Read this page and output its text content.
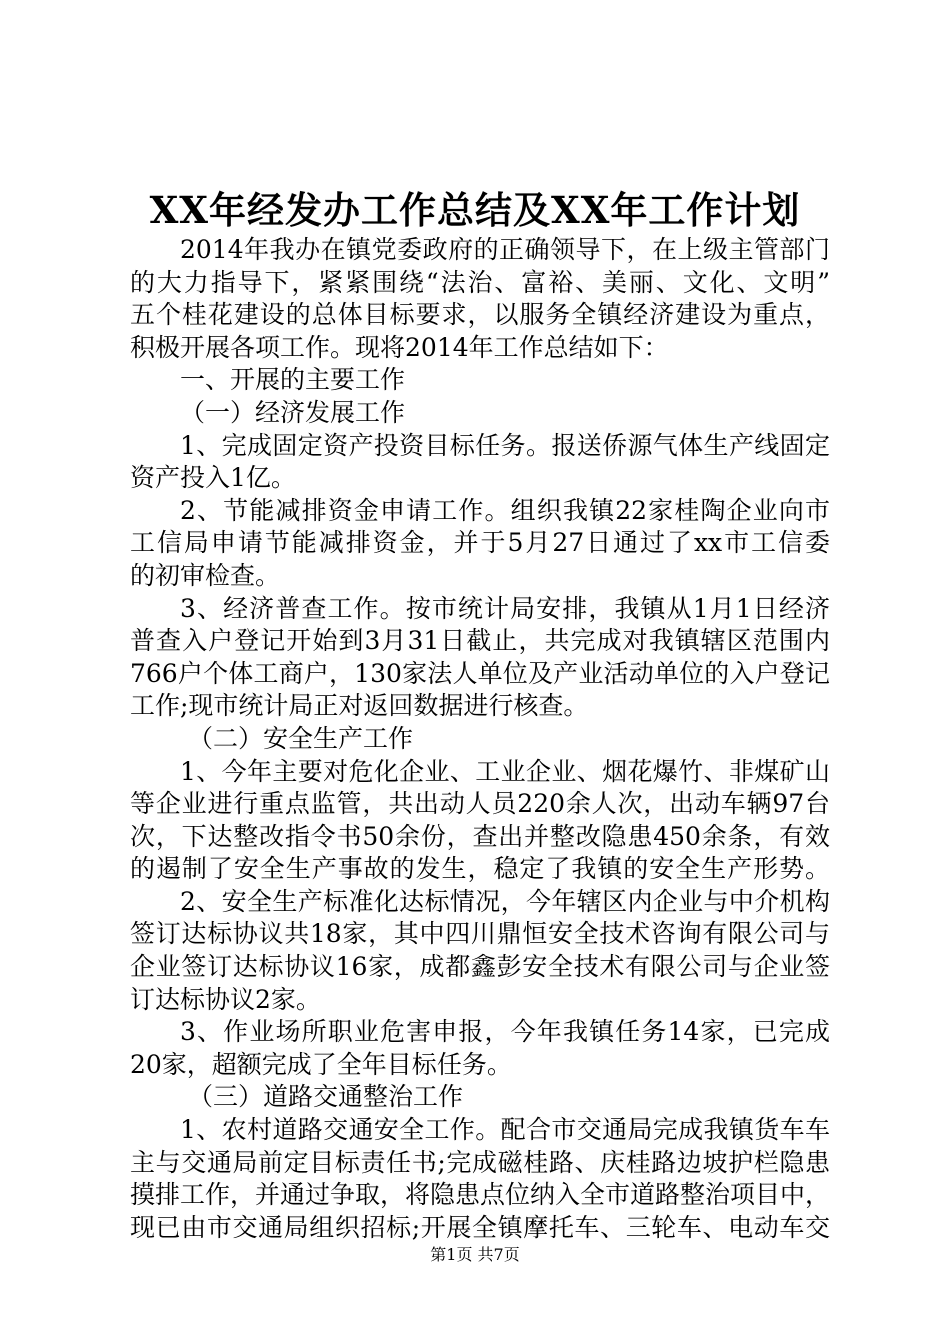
XX年经发办工作总结及XX年工作计划
2014年我办在镇党委政府的正确领导下，在上级主管部门
的大力指导下，紧紧围绕“法治、富裕、美丽、文化、文明”
五个桂花建设的总体目标要求，以服务全镇经济建设为重点，
积极开展各项工作。现将2014年工作总结如下：
一、开展的主要工作
（一）经济发展工作
1、完成固定资产投资目标任务。报送侨源气体生产线固定
资产投入1亿。
2、节能减排资金申请工作。组织我镇22家桂陶企业向市
工信局申请节能减排资金，并于5月27日通过了xx市工信委
的初审检查。
3、经济普查工作。按市统计局安排，我镇从1月1日经济
普查入户登记开始到3月31日截止，共完成对我镇辖区范围内
766户个体工商户，130家法人单位及产业活动单位的入户登记
工作;现市统计局正对返回数据进行核查。
（二）安全生产工作
1、今年主要对危化企业、工业企业、烟花爆竹、非煤矿山
等企业进行重点监管，共出动人员220余人次，出动车辆97台
次，下达整改指令书50余份，查出并整改隐患450余条，有效
的遏制了安全生产事故的发生，稳定了我镇的安全生产形势。
2、安全生产标准化达标情况，今年辖区内企业与中介机构
签订达标协议共18家，其中四川鼎恒安全技术咨询有限公司与
企业签订达标协议16家，成都鑫彭安全技术有限公司与企业签
订达标协议2家。
3、作业场所职业危害申报，今年我镇任务14家，已完成
20家，超额完成了全年目标任务。
（三）道路交通整治工作
1、农村道路交通安全工作。配合市交通局完成我镇货车车
主与交通局前定目标责任书;完成磁桂路、庆桂路边坡护栏隐患
摸排工作，并通过争取，将隐患点位纳入全市道路整治项目中，
现已由市交通局组织招标;开展全镇摩托车、三轮车、电动车交
第1页 共7页
